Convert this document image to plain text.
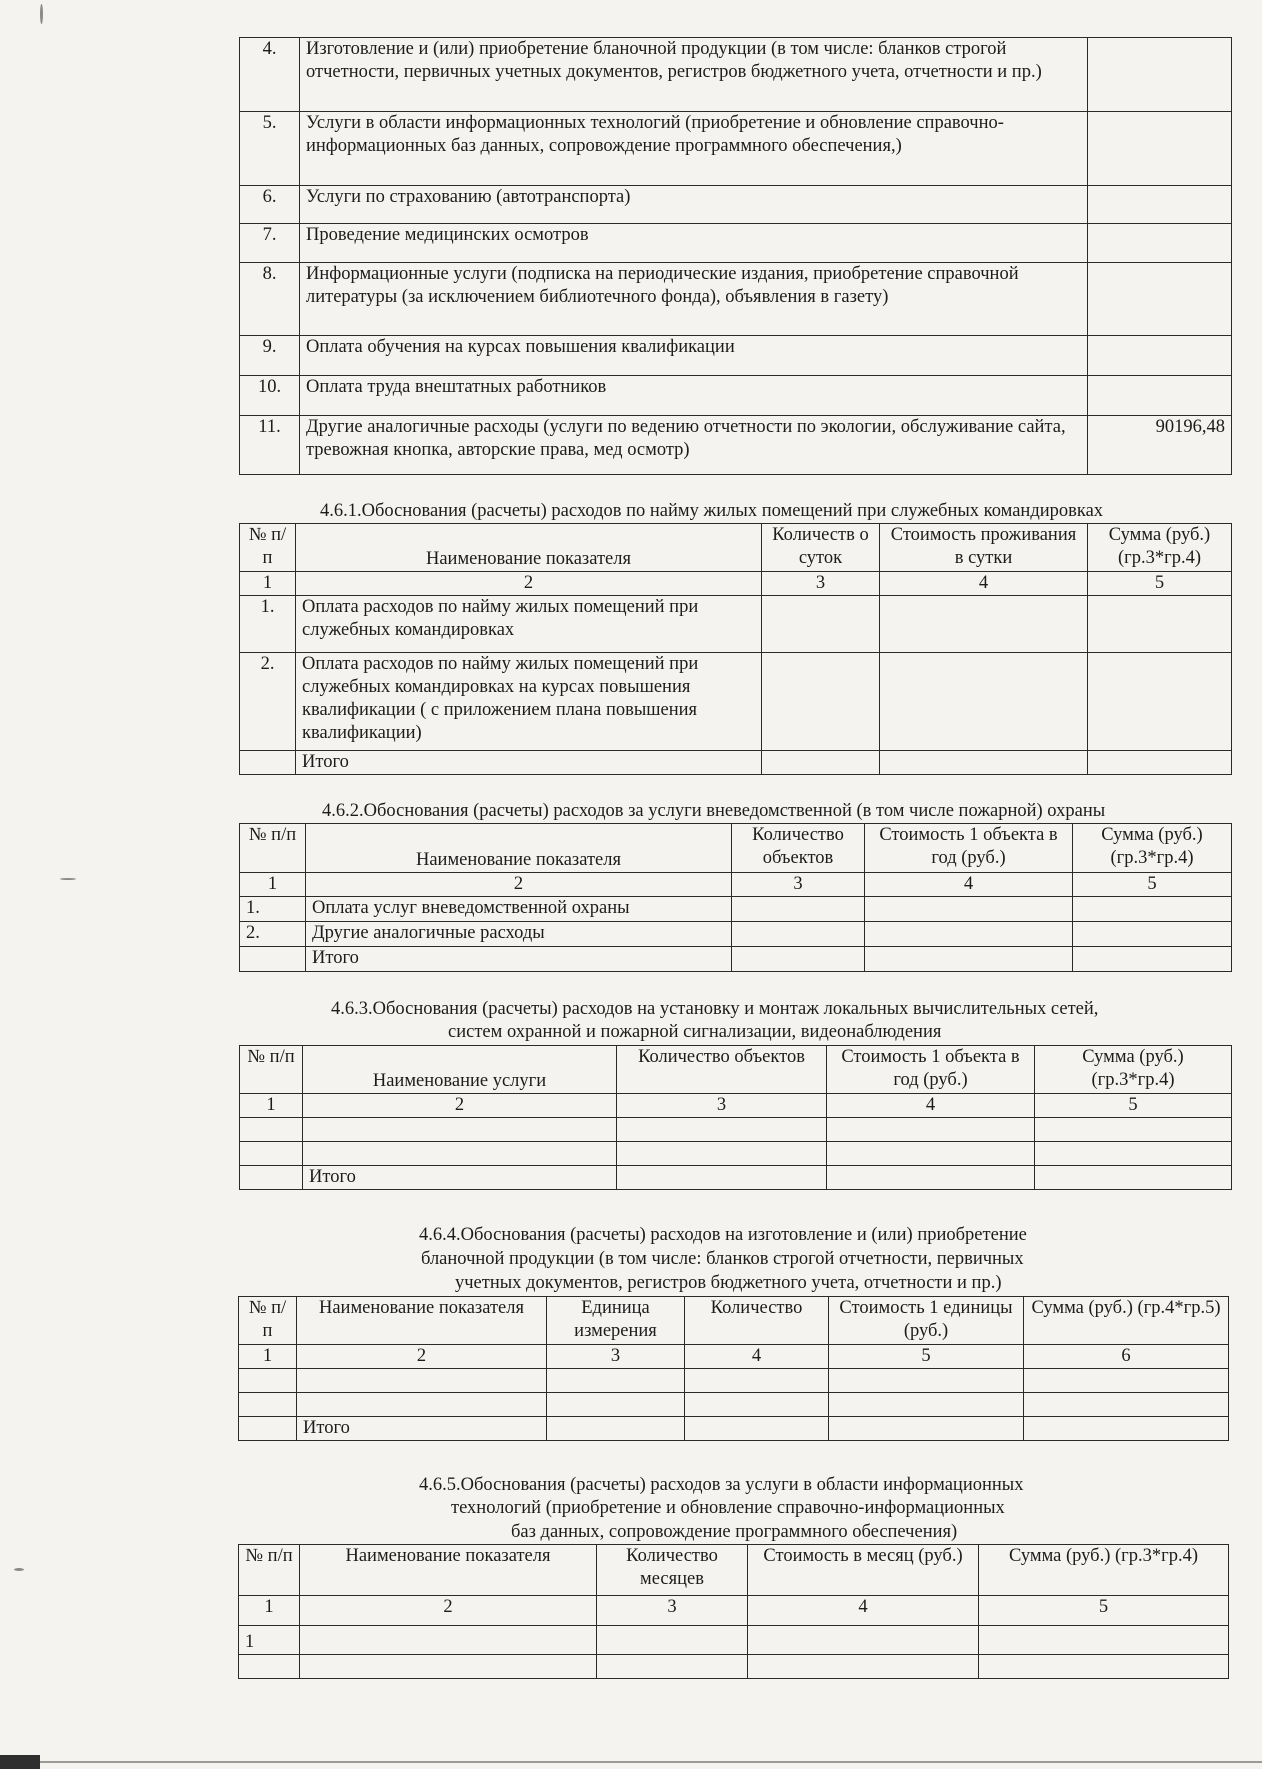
4.	Изготовление и (или) приобретение бланочной продукции (в том числе: бланков строгой отчетности, первичных учетных документов, регистров бюджетного учета, отчетности и пр.)	
5.	Услуги в области информационных технологий (приобретение и обновление справочно-информационных баз данных, сопровождение программного обеспечения,)	
6.	Услуги по страхованию (автотранспорта)	
7.	Проведение медицинских осмотров	
8.	Информационные услуги (подписка на периодические издания, приобретение справочной литературы (за исключением библиотечного фонда), объявления в газету)	
9.	Оплата обучения на курсах повышения квалификации	
10.	Оплата труда внештатных работников	
11.	Другие аналогичные расходы (услуги по ведению отчетности по экологии, обслуживание сайта, тревожная кнопка, авторские права, мед осмотр)	90196,48
4.6.1.Обоснования (расчеты) расходов по найму жилых помещений при служебных командировках
№ п/п	Наименование показателя	Количеств о суток	Стоимость проживания в сутки	Сумма (руб.) (гр.3*гр.4)
1	2	3	4	5
1.	Оплата расходов по найму жилых помещений при служебных командировках			
2.	Оплата расходов по найму жилых помещений при служебных командировках на курсах повышения квалификации ( с приложением плана повышения квалификации)			
	Итого			
4.6.2.Обоснования (расчеты) расходов за услуги вневедомственной (в том числе пожарной) охраны
№ п/п	Наименование показателя	Количество объектов	Стоимость 1 объекта в год (руб.)	Сумма (руб.) (гр.3*гр.4)
1	2	3	4	5
1.	Оплата услуг вневедомственной охраны			
2.	Другие аналогичные расходы			
	Итого			
4.6.3.Обоснования (расчеты) расходов на установку и монтаж локальных вычислительных сетей,
систем охранной и пожарной сигнализации, видеонаблюдения
№ п/п	Наименование услуги	Количество объектов	Стоимость 1 объекта в год (руб.)	Сумма (руб.) (гр.3*гр.4)
1	2	3	4	5

	Итого			
4.6.4.Обоснования (расчеты) расходов на изготовление и (или) приобретение
бланочной продукции (в том числе: бланков строгой отчетности, первичных
учетных документов, регистров бюджетного учета, отчетности и пр.)
№ п/п	Наименование показателя	Единица измерения	Количество	Стоимость 1 единицы (руб.)	Сумма (руб.) (гр.4*гр.5)
1	2	3	4	5	6

	Итого				
4.6.5.Обоснования (расчеты) расходов за услуги в области информационных
технологий (приобретение и обновление справочно-информационных
баз данных, сопровождение программного обеспечения)
№ п/п	Наименование показателя	Количество месяцев	Стоимость в месяц (руб.)	Сумма (руб.) (гр.3*гр.4)
1	2	3	4	5
1				
